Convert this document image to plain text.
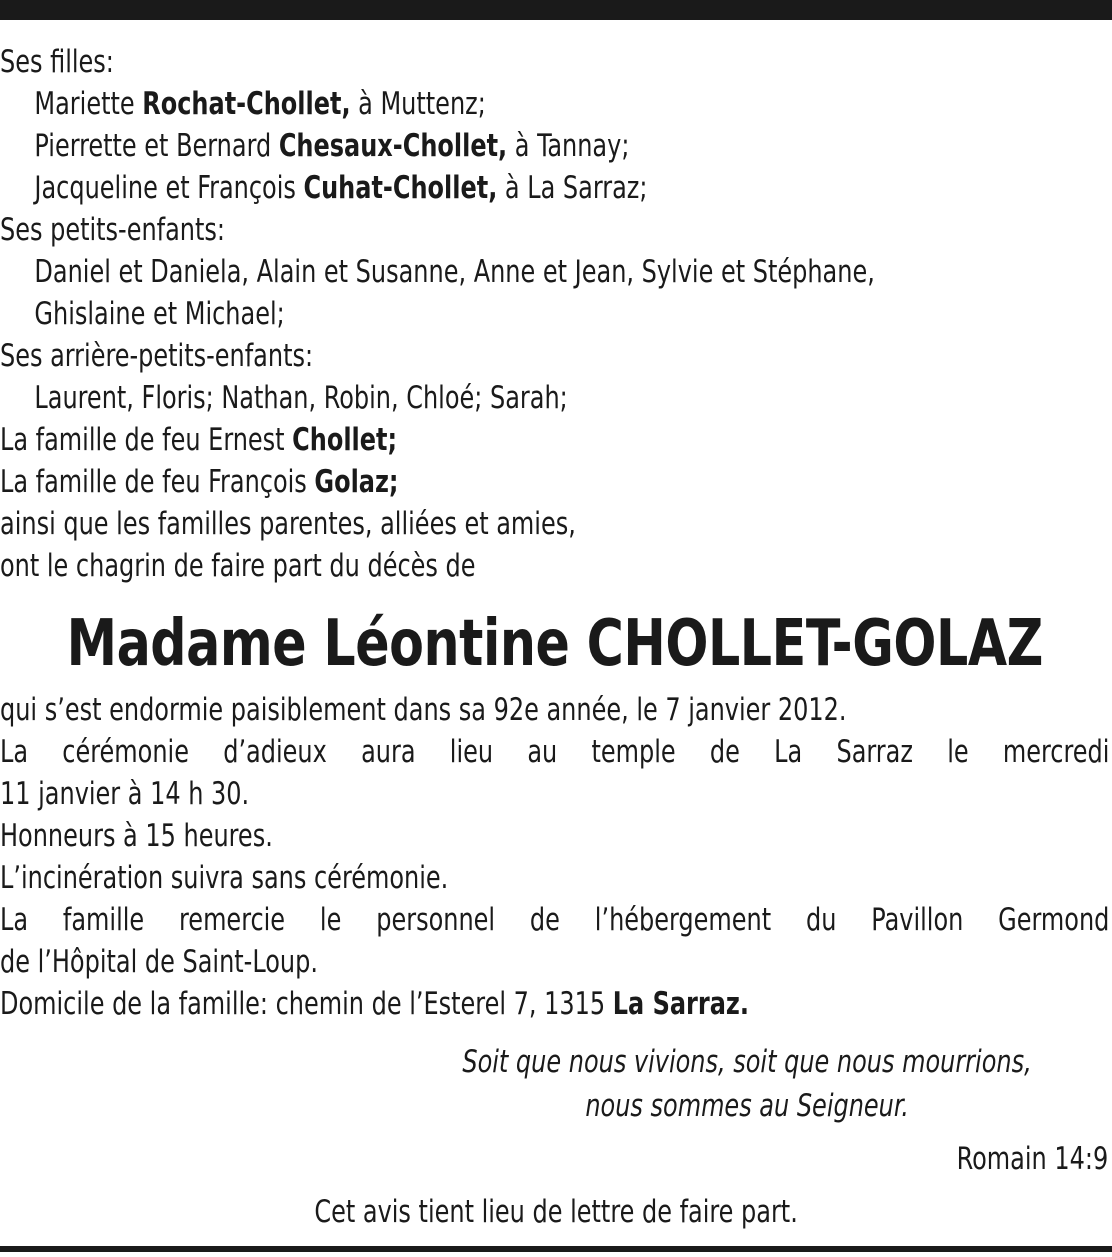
Ses filles:
Mariette Rochat-Chollet, à Muttenz;
Pierrette et Bernard Chesaux-Chollet, à Tannay;
Jacqueline et François Cuhat-Chollet, à La Sarraz;
Ses petits-enfants:
Daniel et Daniela, Alain et Susanne, Anne et Jean, Sylvie et Stéphane,
Ghislaine et Michael;
Ses arrière-petits-enfants:
Laurent, Floris; Nathan, Robin, Chloé; Sarah;
La famille de feu Ernest Chollet;
La famille de feu François Golaz;
ainsi que les familles parentes, alliées et amies,
ont le chagrin de faire part du décès de
Madame Léontine CHOLLET-GOLAZ
qui s’est endormie paisiblement dans sa 92e année, le 7 janvier 2012.
La cérémonie d’adieux aura lieu au temple de La Sarraz le mercredi
11 janvier à 14 h 30.
Honneurs à 15 heures.
L’incinération suivra sans cérémonie.
La famille remercie le personnel de l’hébergement du Pavillon Germond
de l’Hôpital de Saint-Loup.
Domicile de la famille: chemin de l’Esterel 7, 1315 La Sarraz.
Soit que nous vivions, soit que nous mourrions,
nous sommes au Seigneur.
Romain 14:9
Cet avis tient lieu de lettre de faire part.
